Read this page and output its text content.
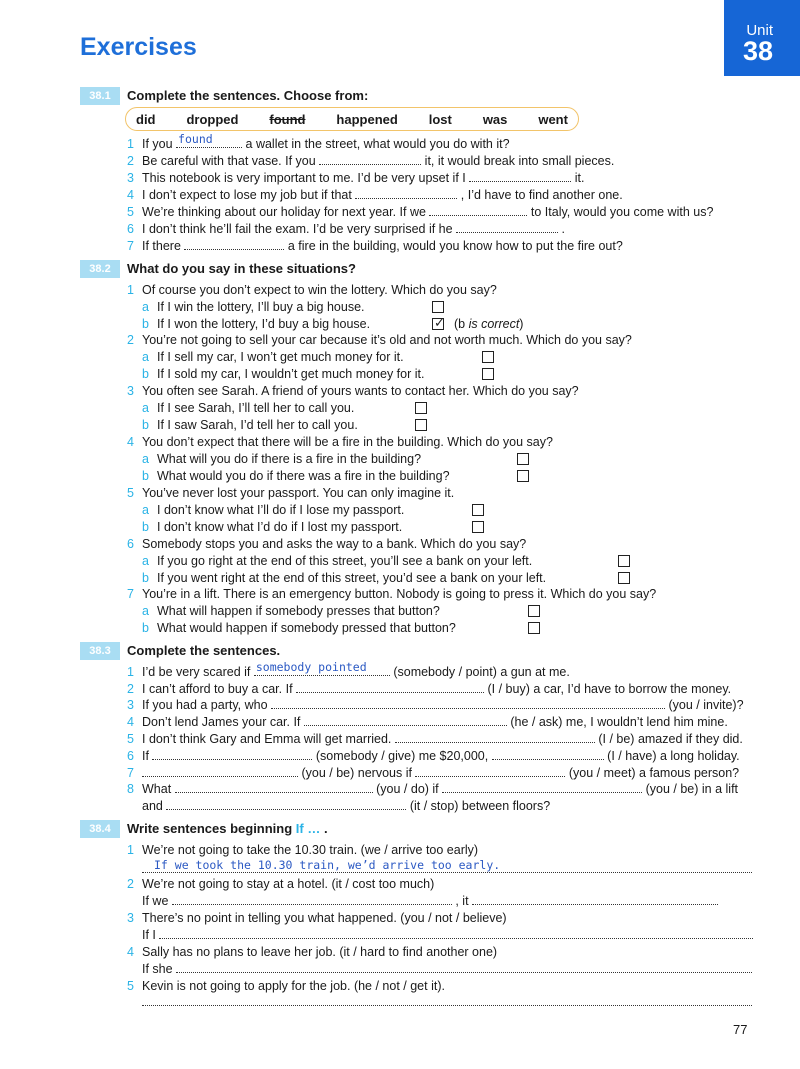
Exercises
Unit
38
38.1	Complete the sentences. Choose from:
did dropped found happened lost was went
1 If you found a wallet in the street, what would you do with it?
2 Be careful with that vase. If you	it, it would break into small pieces.
3 This notebook is very important to me. I’d be very upset if I	it.
4 I don’t expect to lose my job but if that	, I’d have to find another one.
5 We’re thinking about our holiday for next year. If we	to Italy, would you come with us?
6 I don’t think he’ll fail the exam. I’d be very surprised if he	.
7 If there	a fire in the building, would you know how to put the fire out?
38.2	What do you say in these situations?
1 Of course you don’t expect to win the lottery. Which do you say?
a If I win the lottery, I’ll buy a big house.
b If I won the lottery, I’d buy a big house.
✓	(b is correct)
2 You’re not going to sell your car because it’s old and not worth much. Which do you say?
a If I sell my car, I won’t get much money for it.
b If I sold my car, I wouldn’t get much money for it.
3 You often see Sarah. A friend of yours wants to contact her. Which do you say?
a If I see Sarah, I’ll tell her to call you.
b If I saw Sarah, I’d tell her to call you.
4 You don’t expect that there will be a fire in the building. Which do you say?
a What will you do if there is a fire in the building?
b What would you do if there was a fire in the building?
5 You’ve never lost your passport. You can only imagine it.
a I don’t know what I’ll do if I lose my passport.
b I don’t know what I’d do if I lost my passport.
6 Somebody stops you and asks the way to a bank. Which do you say?
a If you go right at the end of this street, you’ll see a bank on your left.
b If you went right at the end of this street, you’d see a bank on your left.
7 You’re in a lift. There is an emergency button. Nobody is going to press it. Which do you say?
a What will happen if somebody presses that button?
b What would happen if somebody pressed that button?
38.3	Complete the sentences.
1 I’d be very scared if somebody pointed (somebody / point) a gun at me.
2 I can’t afford to buy a car. If	(I / buy) a car, I’d have to borrow the money.
3 If you had a party, who	(you / invite)?
4 Don’t lend James your car. If	(he / ask) me, I wouldn’t lend him mine.
5 I don’t think Gary and Emma will get married.	(I / be) amazed if they did.
6 If	(somebody / give) me $20,000,	(I / have) a long holiday.
7	(you / be) nervous if	(you / meet) a famous person?
8 What	(you / do) if	(you / be) in a lift
and	(it / stop) between floors?
38.4	Write sentences beginning If … .
1 We’re not going to take the 10.30 train. (we / arrive too early)
If we took the 10.30 train, we’d arrive too early.
2 We’re not going to stay at a hotel. (it / cost too much)
If we	, it
3 There’s no point in telling you what happened. (you / not / believe)
If I
4 Sally has no plans to leave her job. (it / hard to find another one)
If she
5 Kevin is not going to apply for the job. (he / not / get it).
77
